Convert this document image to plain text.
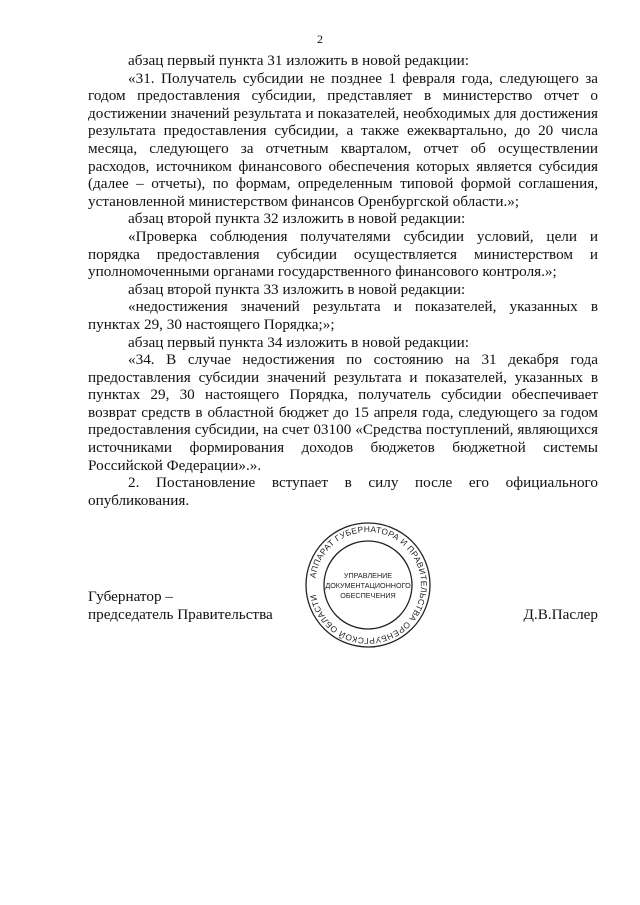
2

абзац первый пункта 31 изложить в новой редакции:

«31. Получатель субсидии не позднее 1 февраля года, следующего за годом предоставления субсидии, представляет в министерство отчет о достижении значений результата и показателей, необходимых для достижения результата предоставления субсидии, а также ежеквартально, до 20 числа месяца, следующего за отчетным кварталом, отчет об осуществлении расходов, источником финансового обеспечения которых является субсидия (далее – отчеты), по формам, определенным типовой формой соглашения, установленной министерством финансов Оренбургской области.»;

абзац второй пункта 32 изложить в новой редакции:

«Проверка соблюдения получателями субсидии условий, цели и порядка предоставления субсидии осуществляется министерством и уполномоченными органами государственного финансового контроля.»;

абзац второй пункта 33 изложить в новой редакции:

«недостижения значений результата и показателей, указанных в пунктах 29, 30 настоящего Порядка;»;

абзац первый пункта 34 изложить в новой редакции:

«34. В случае недостижения по состоянию на 31 декабря года предоставления субсидии значений результата и показателей, указанных в пунктах 29, 30 настоящего Порядка, получатель субсидии обеспечивает возврат средств в областной бюджет до 15 апреля года, следующего за годом предоставления субсидии, на счет 03100 «Средства поступлений, являющихся источниками формирования доходов бюджетов бюджетной системы Российской Федерации».».

2. Постановление вступает в силу после его официального опубликования.

Губернатор –
председатель Правительства	Д.В.Паслер
АППАРАТ ГУБЕРНАТОРА И ПРАВИТЕЛЬСТВА ОРЕНБУРГСКОЙ ОБЛАСТИ
УПРАВЛЕНИЕ
ДОКУМЕНТАЦИОННОГО
ОБЕСПЕЧЕНИЯ
